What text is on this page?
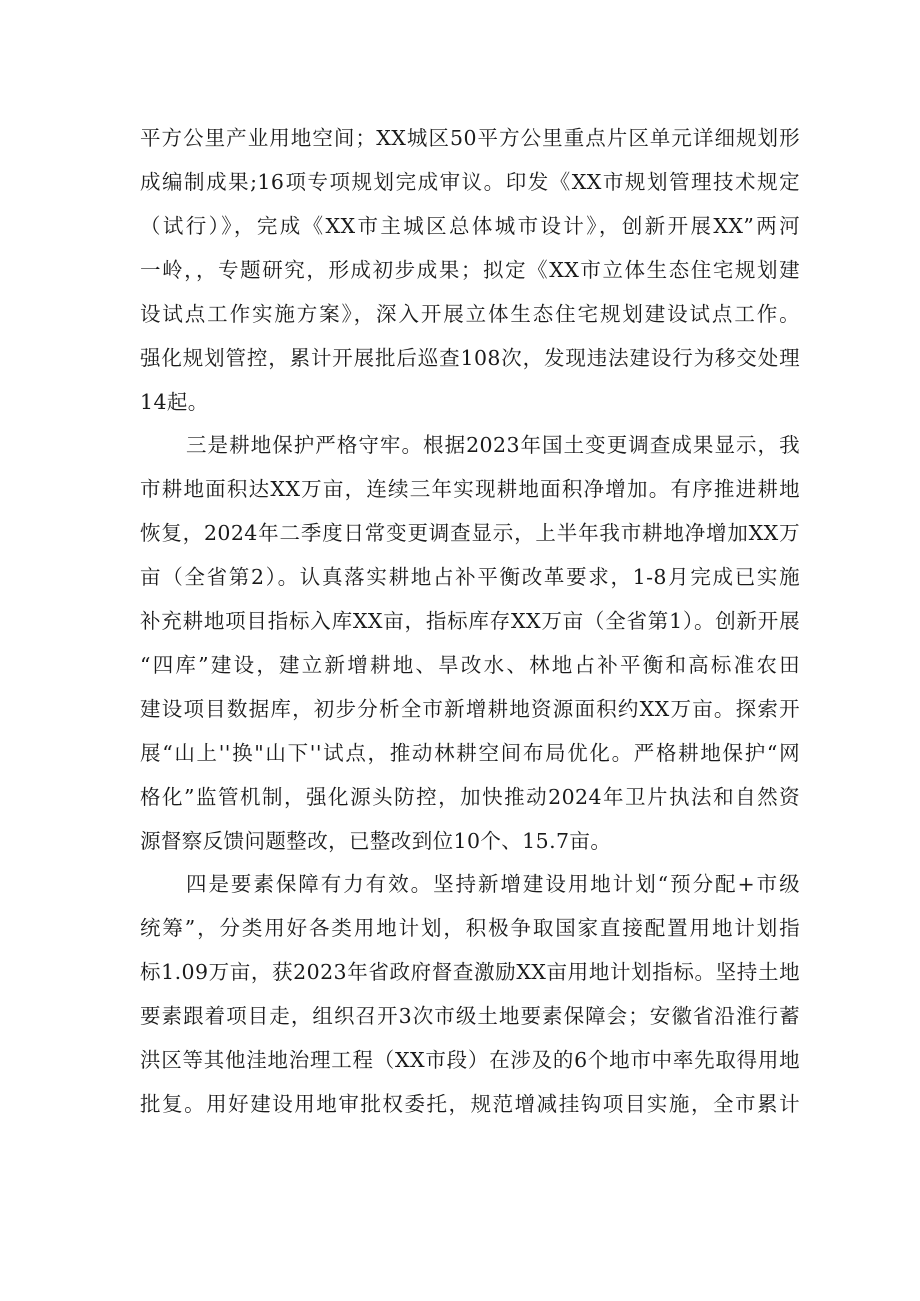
平方公里产业用地空间；XX城区50平方公里重点片区单元详细规划形
成编制成果;16项专项规划完成审议。印发《XX市规划管理技术规定
（试行）》，完成《XX市主城区总体城市设计》，创新开展XX”两河
一岭，，专题研究，形成初步成果；拟定《XX市立体生态住宅规划建
设试点工作实施方案》，深入开展立体生态住宅规划建设试点工作。
强化规划管控，累计开展批后巡查108次，发现违法建设行为移交处理
14起。
三是耕地保护严格守牢。根据2023年国土变更调查成果显示，我
市耕地面积达XX万亩，连续三年实现耕地面积净增加。有序推进耕地
恢复，2024年二季度日常变更调查显示，上半年我市耕地净增加XX万
亩（全省第2）。认真落实耕地占补平衡改革要求，1-8月完成已实施
补充耕地项目指标入库XX亩，指标库存XX万亩（全省第1）。创新开展
“四库”建设，建立新增耕地、旱改水、林地占补平衡和高标准农田
建设项目数据库，初步分析全市新增耕地资源面积约XX万亩。探索开
展“山上''换"山下''试点，推动林耕空间布局优化。严格耕地保护“网
格化”监管机制，强化源头防控，加快推动2024年卫片执法和自然资
源督察反馈问题整改，已整改到位10个、15.7亩。
四是要素保障有力有效。坚持新增建设用地计划“预分配+市级
统筹”，分类用好各类用地计划，积极争取国家直接配置用地计划指
标1.09万亩，获2023年省政府督查激励XX亩用地计划指标。坚持土地
要素跟着项目走，组织召开3次市级土地要素保障会；安徽省沿淮行蓄
洪区等其他洼地治理工程（XX市段）在涉及的6个地市中率先取得用地
批复。用好建设用地审批权委托，规范增减挂钩项目实施，全市累计
